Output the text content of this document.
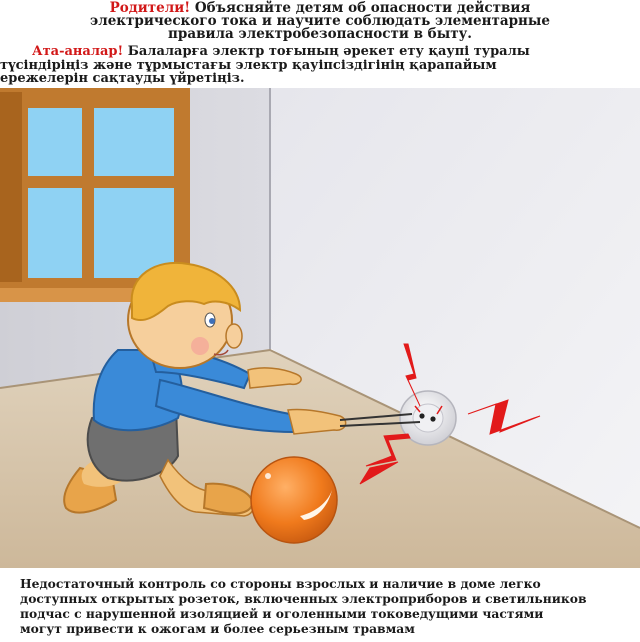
Родители! Объясняйте детям об опасности действия
электрического тока и научите соблюдать элементарные
правила электробезопасности в быту.
Ата-аналар! Балаларға электр тоғының әрекет ету қаупі туралы
түсіндіріңіз және тұрмыстағы электр қауіпсіздігінің қарапайым
ережелерін сақтауды үйретіңіз.
Недостаточный контроль со стороны взрослых и наличие в доме легко
доступных открытых розеток, включенных электроприборов и светильников
подчас с нарушенной изоляцией и оголенными токоведущими частями
могут привести к ожогам и более серьезным травмам
